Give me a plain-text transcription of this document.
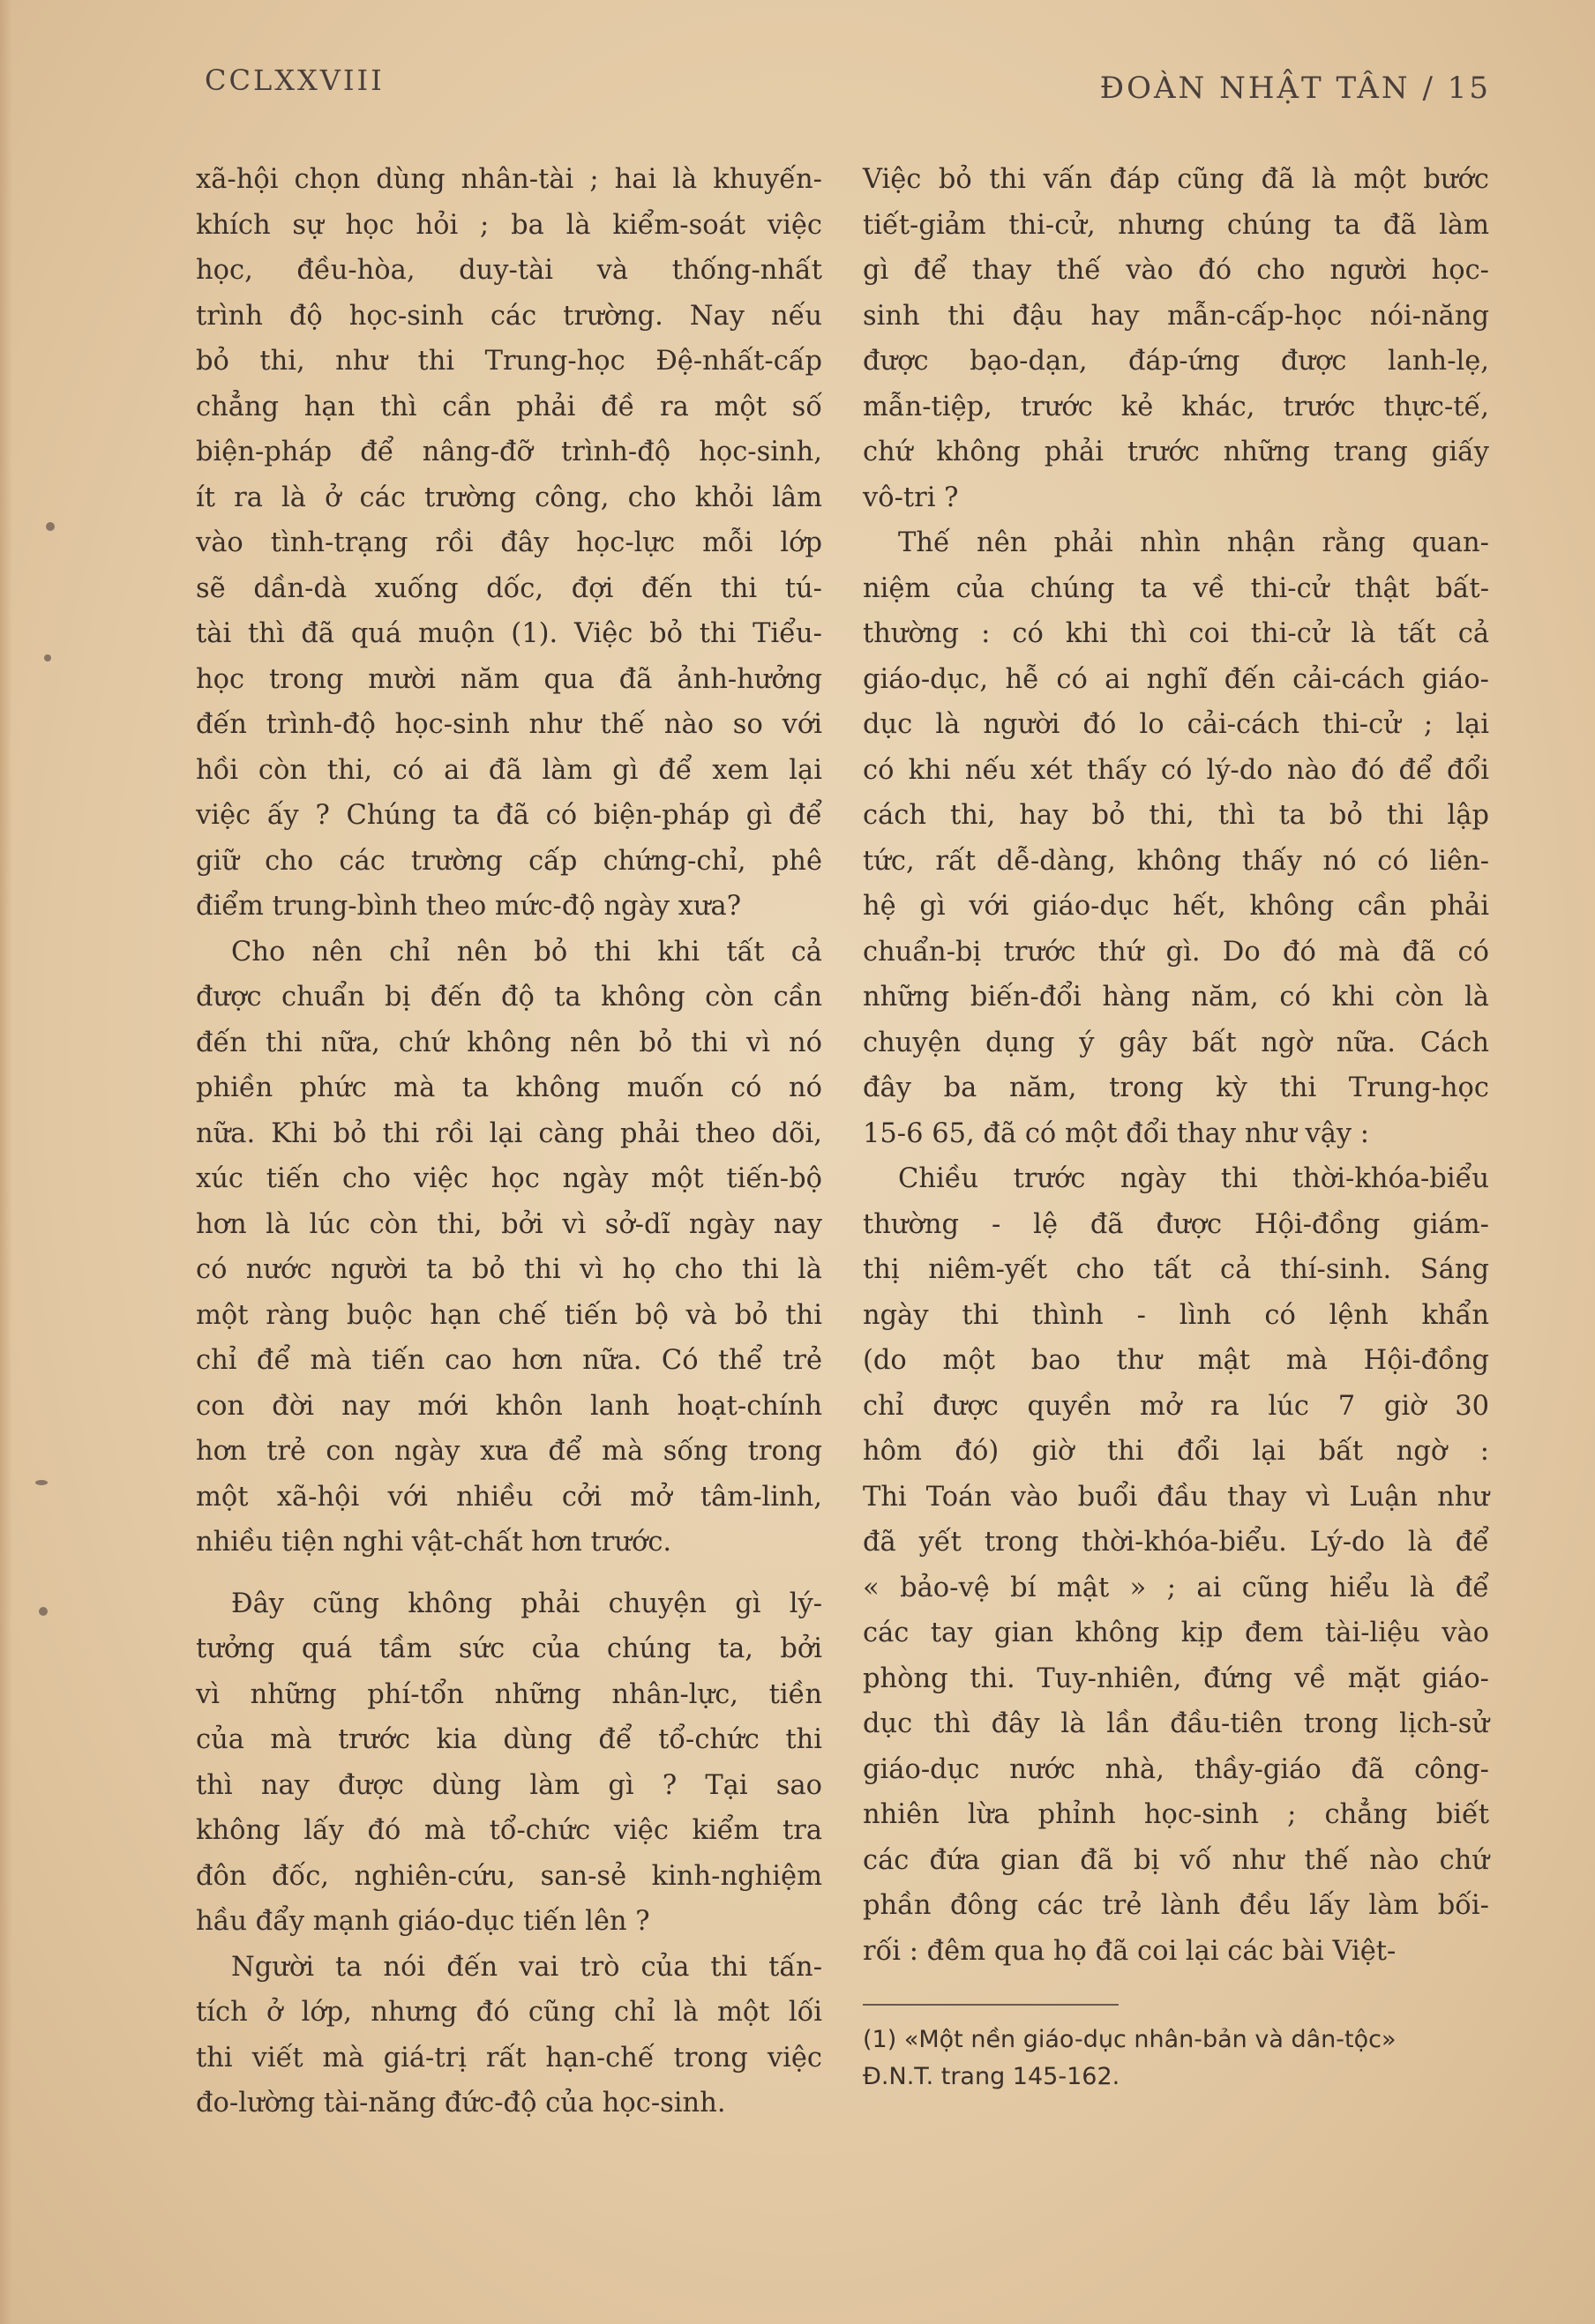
CCLXXVIII	ĐOÀN NHẬT TÂN / 15
xã-hội chọn dùng nhân-tài ; hai là khuyến-
khích sự học hỏi ; ba là kiểm-soát việc
học, đều-hòa, duy-tài và thống-nhất
trình độ học-sinh các trường. Nay nếu
bỏ thi, như thi Trung-học Đệ-nhất-cấp
chẳng hạn thì cần phải đề ra một số
biện-pháp để nâng-đỡ trình-độ học-sinh,
ít ra là ở các trường công, cho khỏi lâm
vào tình-trạng rồi đây học-lực mỗi lớp
sẽ dần-dà xuống dốc, đợi đến thi tú-
tài thì đã quá muộn (1). Việc bỏ thi Tiểu-
học trong mười năm qua đã ảnh-hưởng
đến trình-độ học-sinh như thế nào so với
hồi còn thi, có ai đã làm gì để xem lại
việc ấy ? Chúng ta đã có biện-pháp gì để
giữ cho các trường cấp chứng-chỉ, phê
điểm trung-bình theo mức-độ ngày xưa?
Cho nên chỉ nên bỏ thi khi tất cả
được chuẩn bị đến độ ta không còn cần
đến thi nữa, chứ không nên bỏ thi vì nó
phiền phức mà ta không muốn có nó
nữa. Khi bỏ thi rồi lại càng phải theo dõi,
xúc tiến cho việc học ngày một tiến-bộ
hơn là lúc còn thi, bởi vì sở-dĩ ngày nay
có nước người ta bỏ thi vì họ cho thi là
một ràng buộc hạn chế tiến bộ và bỏ thi
chỉ để mà tiến cao hơn nữa. Có thể trẻ
con đời nay mới khôn lanh hoạt-chính
hơn trẻ con ngày xưa để mà sống trong
một xã-hội với nhiều cởi mở tâm-linh,
nhiều tiện nghi vật-chất hơn trước.
Đây cũng không phải chuyện gì lý-
tưởng quá tầm sức của chúng ta, bởi
vì những phí-tổn những nhân-lực, tiền
của mà trước kia dùng để tổ-chức thi
thì nay được dùng làm gì ? Tại sao
không lấy đó mà tổ-chức việc kiểm tra
đôn đốc, nghiên-cứu, san-sẻ kinh-nghiệm
hầu đẩy mạnh giáo-dục tiến lên ?
Người ta nói đến vai trò của thi tấn-
tích ở lớp, nhưng đó cũng chỉ là một lối
thi viết mà giá-trị rất hạn-chế trong việc
đo-lường tài-năng đức-độ của học-sinh.
Việc bỏ thi vấn đáp cũng đã là một bước
tiết-giảm thi-cử, nhưng chúng ta đã làm
gì để thay thế vào đó cho người học-
sinh thi đậu hay mẫn-cấp-học nói-năng
được bạo-dạn, đáp-ứng được lanh-lẹ,
mẫn-tiệp, trước kẻ khác, trước thực-tế,
chứ không phải trước những trang giấy
vô-tri ?
Thế nên phải nhìn nhận rằng quan-
niệm của chúng ta về thi-cử thật bất-
thường : có khi thì coi thi-cử là tất cả
giáo-dục, hễ có ai nghĩ đến cải-cách giáo-
dục là người đó lo cải-cách thi-cử ; lại
có khi nếu xét thấy có lý-do nào đó để đổi
cách thi, hay bỏ thi, thì ta bỏ thi lập
tức, rất dễ-dàng, không thấy nó có liên-
hệ gì với giáo-dục hết, không cần phải
chuẩn-bị trước thứ gì. Do đó mà đã có
những biến-đổi hàng năm, có khi còn là
chuyện dụng ý gây bất ngờ nữa. Cách
đây ba năm, trong kỳ thi Trung-học
15-6 65, đã có một đổi thay như vậy :
Chiều trước ngày thi thời-khóa-biểu
thường - lệ đã được Hội-đồng giám-
thị niêm-yết cho tất cả thí-sinh. Sáng
ngày thi thình - lình có lệnh khẩn
(do một bao thư mật mà Hội-đồng
chỉ được quyền mở ra lúc 7 giờ 30
hôm đó) giờ thi đổi lại bất ngờ :
Thi Toán vào buổi đầu thay vì Luận như
đã yết trong thời-khóa-biểu. Lý-do là để
« bảo-vệ bí mật » ; ai cũng hiểu là để
các tay gian không kịp đem tài-liệu vào
phòng thi. Tuy-nhiên, đứng về mặt giáo-
dục thì đây là lần đầu-tiên trong lịch-sử
giáo-dục nước nhà, thầy-giáo đã công-
nhiên lừa phỉnh học-sinh ; chẳng biết
các đứa gian đã bị vố như thế nào chứ
phần đông các trẻ lành đều lấy làm bối-
rối : đêm qua họ đã coi lại các bài Việt-
(1) «Một nền giáo-dục nhân-bản và dân-tộc»
Đ.N.T. trang 145-162.
